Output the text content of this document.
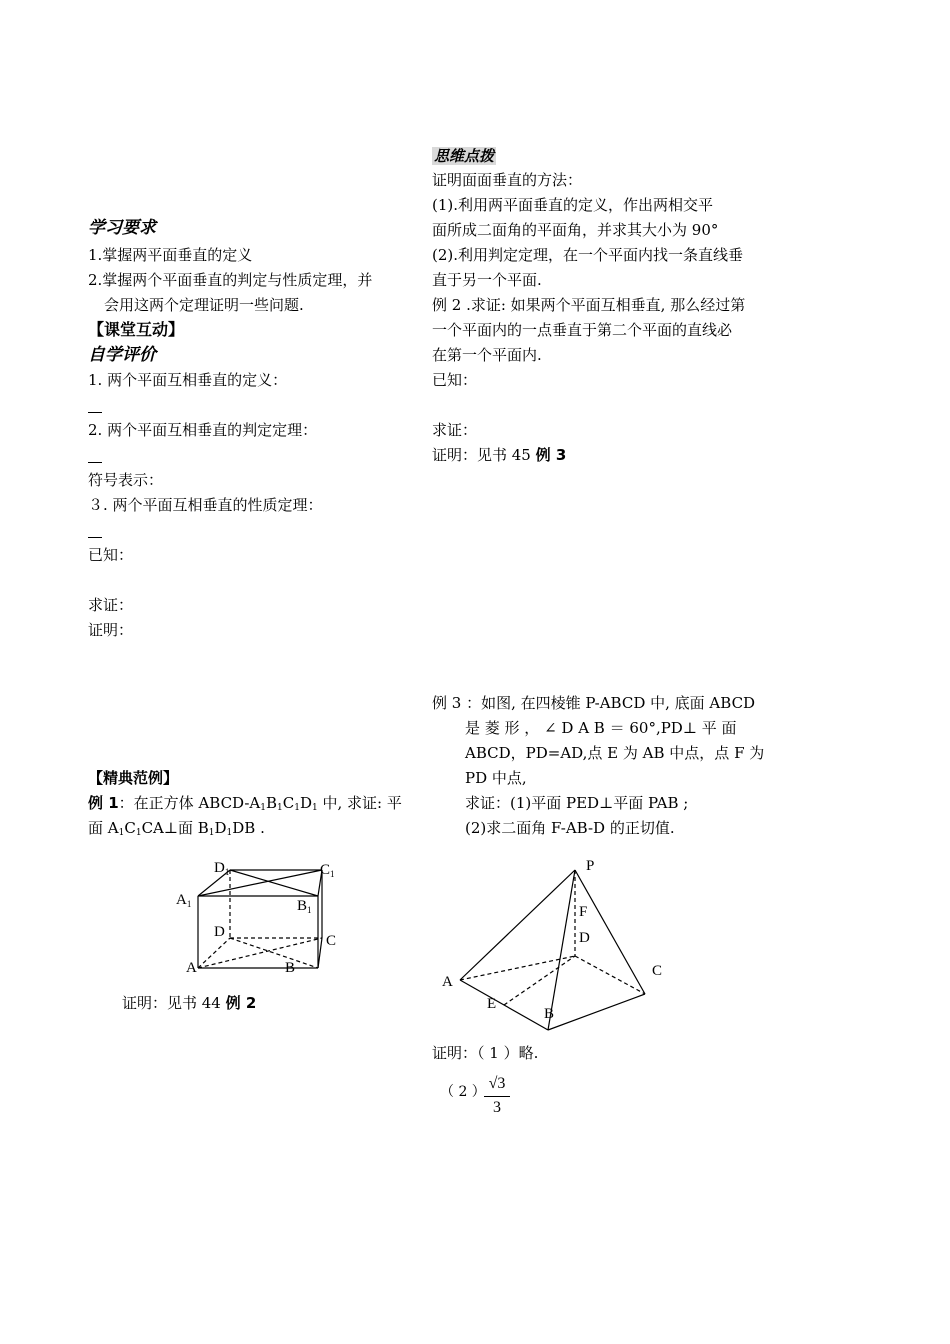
学习要求
1.掌握两平面垂直的定义
2.掌握两个平面垂直的判定与性质定理，并
会用这两个定理证明一些问题.
【课堂互动】
自学评价
1. 两个平面互相垂直的定义：
2. 两个平面互相垂直的判定定理：
符号表示：
３. 两个平面互相垂直的性质定理：
已知：
求证：
证明：
【精典范例】
例 1：在正方体 ABCD-$A_1B_1C_1D_1$ 中, 求证: 平
面 $A_1C_1CA\perp$面 $B_1D_1DB$ .
$D_1$	$C_1$
$A_1$	$B_1$
D
C
A	B
证明：见书 44 例 2
思维点拨
证明面面垂直的方法：
(1).利用两平面垂直的定义，作出两相交平
面所成二面角的平面角，并求其大小为 90°
(2).利用判定定理，在一个平面内找一条直线垂
直于另一个平面.
例 2 .求证: 如果两个平面互相垂直, 那么经过第
一个平面内的一点垂直于第二个平面的直线必
在第一个平面内.
已知：
求证：
证明：见书 45 例 3
例 3 ：如图, 在四棱锥 P-ABCD 中, 底面 ABCD
是 菱 形 ， ∠ D A B ＝ 60°,PD⊥ 平 面
ABCD，PD=AD,点 E 为 AB 中点，点 F 为
PD 中点,
求证：(1)平面 PED⊥平面 PAB ;
(2)求二面角 F-AB-D 的正切值.
P
F
D
C
A
E
B
证明：（ 1 ）略.
（ 2 ） √3
3
